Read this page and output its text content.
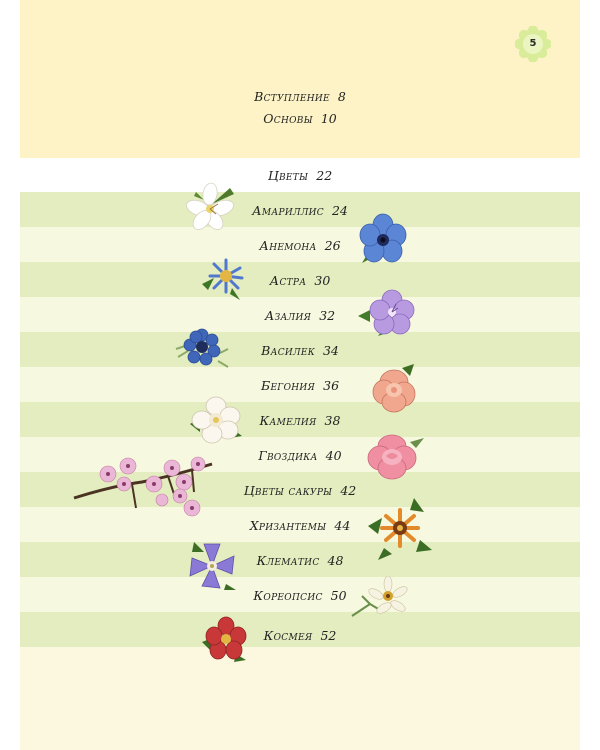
5
Вступление 8
Основы 10
Цветы 22
Амариллис 24
Анемона 26
Астра 30
Азалия 32
Василек 34
Бегония 36
Камелия 38
Гвоздика 40
Цветы сакуры 42
Хризантемы 44
Клематис 48
Кореопсис 50
Космея 52
